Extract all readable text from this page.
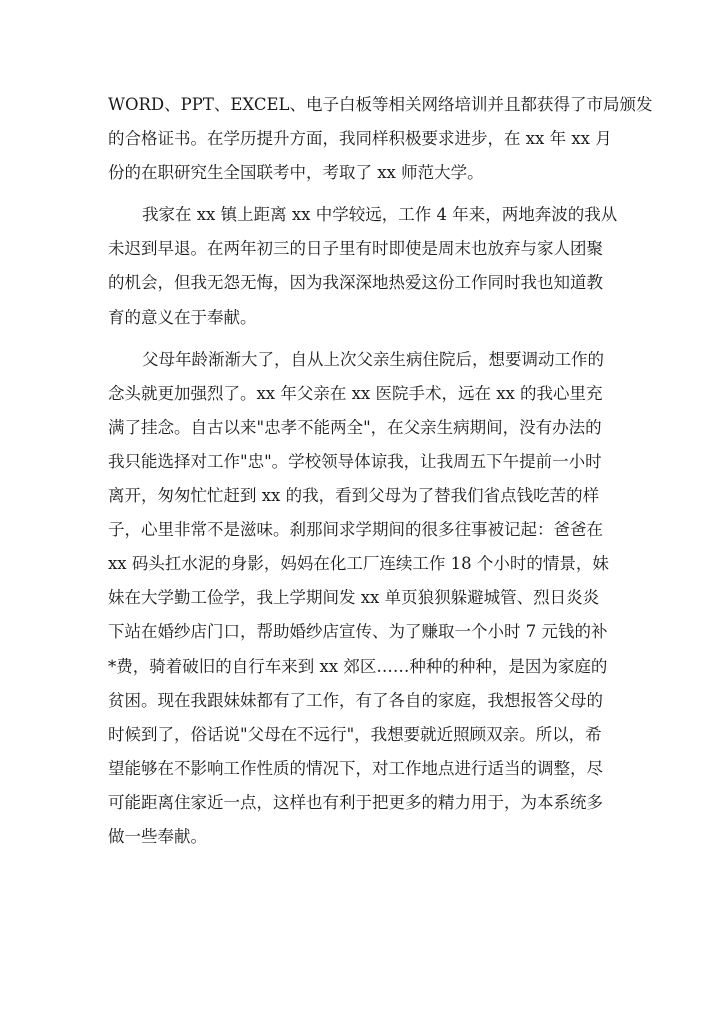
WORD、PPT、EXCEL、电子白板等相关网络培训并且都获得了市局颁发
的合格证书。在学历提升方面，我同样积极要求进步，在 xx 年 xx 月
份的在职研究生全国联考中，考取了 xx 师范大学。

我家在 xx 镇上距离 xx 中学较远，工作 4 年来，两地奔波的我从
未迟到早退。在两年初三的日子里有时即使是周末也放弃与家人团聚
的机会，但我无怨无悔，因为我深深地热爱这份工作同时我也知道教
育的意义在于奉献。

父母年龄渐渐大了，自从上次父亲生病住院后，想要调动工作的
念头就更加强烈了。xx 年父亲在 xx 医院手术，远在 xx 的我心里充
满了挂念。自古以来"忠孝不能两全"，在父亲生病期间，没有办法的
我只能选择对工作"忠"。学校领导体谅我，让我周五下午提前一小时
离开，匆匆忙忙赶到 xx 的我，看到父母为了替我们省点钱吃苦的样
子，心里非常不是滋味。刹那间求学期间的很多往事被记起：爸爸在
xx 码头扛水泥的身影，妈妈在化工厂连续工作 18 个小时的情景，妹
妹在大学勤工俭学，我上学期间发 xx 单页狼狈躲避城管、烈日炎炎
下站在婚纱店门口，帮助婚纱店宣传、为了赚取一个小时 7 元钱的补
*费，骑着破旧的自行车来到 xx 郊区……种种的种种，是因为家庭的
贫困。现在我跟妹妹都有了工作，有了各自的家庭，我想报答父母的
时候到了，俗话说"父母在不远行"，我想要就近照顾双亲。所以，希
望能够在不影响工作性质的情况下，对工作地点进行适当的调整，尽
可能距离住家近一点，这样也有利于把更多的精力用于，为本系统多
做一些奉献。
